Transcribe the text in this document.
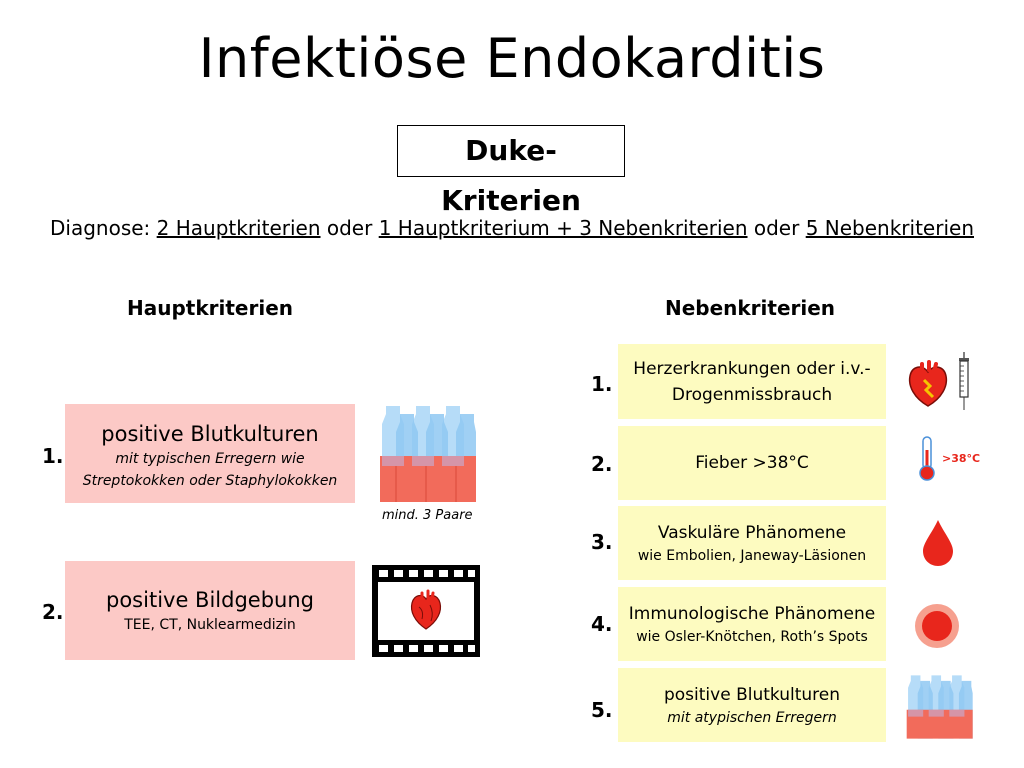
Infektiöse Endokarditis
Duke-Kriterien
Diagnose: 2 Hauptkriterien oder 1 Hauptkriterium + 3 Nebenkriterien oder 5 Nebenkriterien
Hauptkriterien	Nebenkriterien
1.
positive Blutkulturen
mit typischen Erregern wie
Streptokokken oder Staphylokokken
mind. 3 Paare
2.	positive Bildgebung
TEE, CT, Nuklearmedizin
1.
Herzerkrankungen oder i.v.-
Drogenmissbrauch
2.	Fieber >38°C	>38°C
3.	Vaskuläre Phänomene
wie Embolien, Janeway-Läsionen
4. Immunologische Phänomene
wie Osler-Knötchen, Roth’s Spots
5.
positive Blutkulturen
mit atypischen Erregern
